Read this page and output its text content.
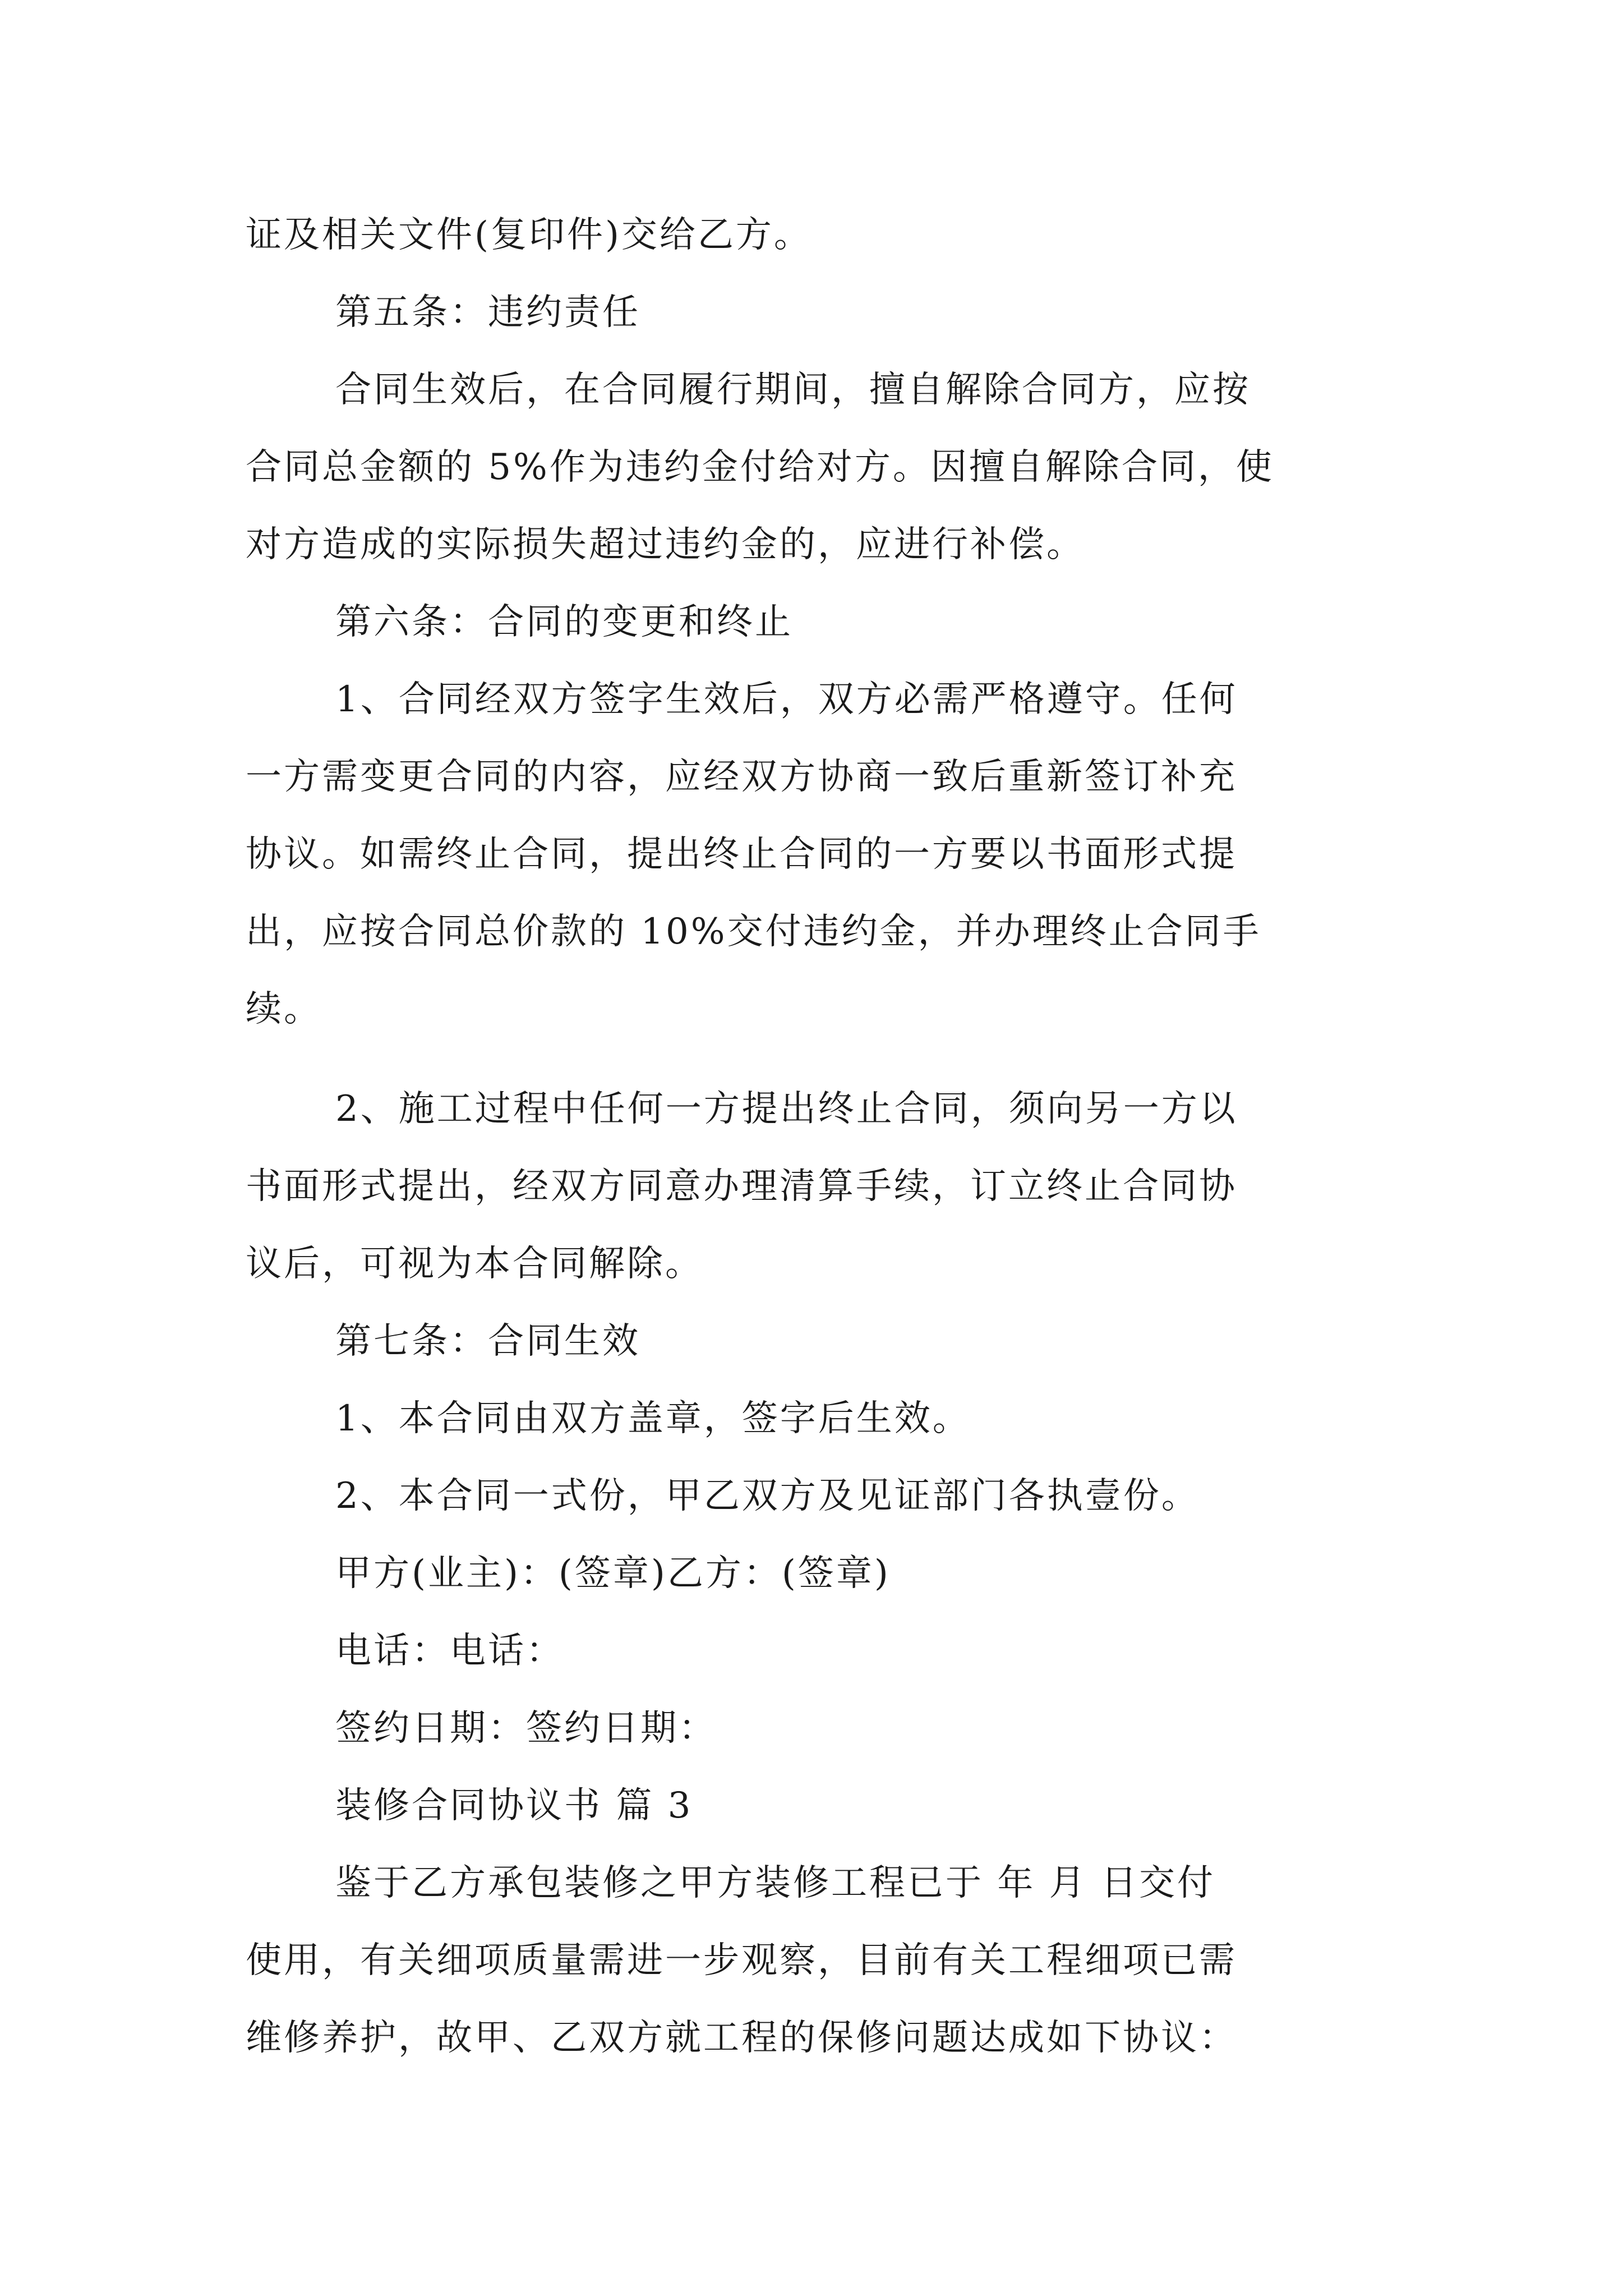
证及相关文件(复印件)交给乙方。
第五条：违约责任
合同生效后，在合同履行期间，擅自解除合同方，应按
合同总金额的 5%作为违约金付给对方。因擅自解除合同，使
对方造成的实际损失超过违约金的，应进行补偿。
第六条：合同的变更和终止
1、合同经双方签字生效后，双方必需严格遵守。任何
一方需变更合同的内容，应经双方协商一致后重新签订补充
协议。如需终止合同，提出终止合同的一方要以书面形式提
出，应按合同总价款的 10%交付违约金，并办理终止合同手
续。
2、施工过程中任何一方提出终止合同，须向另一方以
书面形式提出，经双方同意办理清算手续，订立终止合同协
议后，可视为本合同解除。
第七条：合同生效
1、本合同由双方盖章，签字后生效。
2、本合同一式份，甲乙双方及见证部门各执壹份。
甲方(业主)：(签章)乙方：(签章)
电话：电话：
签约日期：签约日期：
装修合同协议书 篇 3
鉴于乙方承包装修之甲方装修工程已于 年 月 日交付
使用，有关细项质量需进一步观察，目前有关工程细项已需
维修养护，故甲、乙双方就工程的保修问题达成如下协议：
